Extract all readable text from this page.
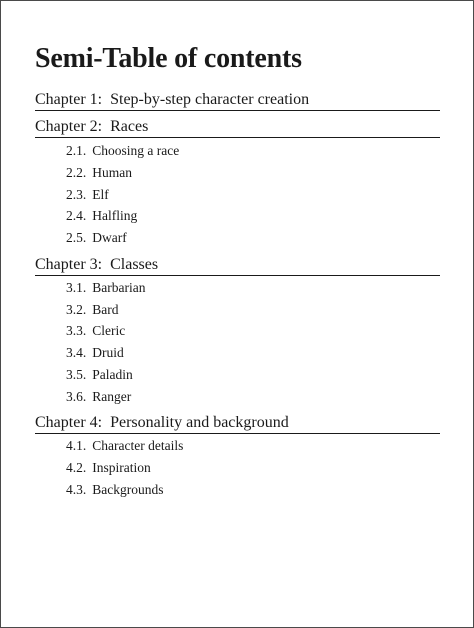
Semi-Table of contents
Chapter 1: Step-by-step character creation
Chapter 2: Races
2.1. Choosing a race
2.2. Human
2.3. Elf
2.4. Halfling
2.5. Dwarf
Chapter 3: Classes
3.1. Barbarian
3.2. Bard
3.3. Cleric
3.4. Druid
3.5. Paladin
3.6. Ranger
Chapter 4: Personality and background
4.1. Character details
4.2. Inspiration
4.3. Backgrounds
